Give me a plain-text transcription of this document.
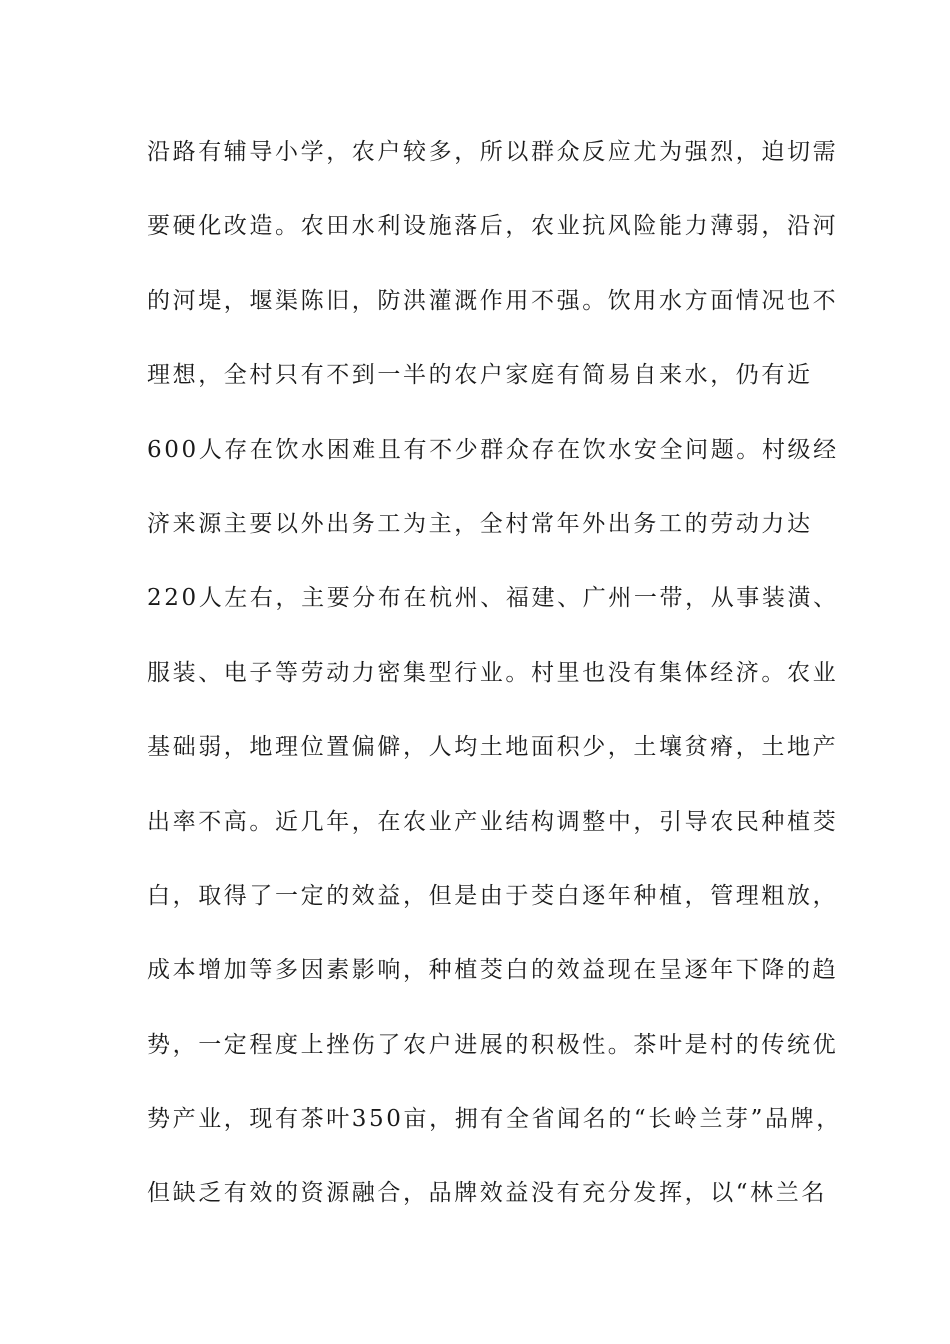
沿路有辅导小学，农户较多，所以群众反应尤为强烈，迫切需
要硬化改造。农田水利设施落后，农业抗风险能力薄弱，沿河
的河堤，堰渠陈旧，防洪灌溉作用不强。饮用水方面情况也不
理想，全村只有不到一半的农户家庭有简易自来水，仍有近
600人存在饮水困难且有不少群众存在饮水安全问题。村级经
济来源主要以外出务工为主，全村常年外出务工的劳动力达
220人左右，主要分布在杭州、福建、广州一带，从事装潢、
服装、电子等劳动力密集型行业。村里也没有集体经济。农业
基础弱，地理位置偏僻，人均土地面积少，土壤贫瘠，土地产
出率不高。近几年，在农业产业结构调整中，引导农民种植茭
白，取得了一定的效益，但是由于茭白逐年种植，管理粗放，
成本增加等多因素影响，种植茭白的效益现在呈逐年下降的趋
势，一定程度上挫伤了农户进展的积极性。茶叶是村的传统优
势产业，现有茶叶350亩，拥有全省闻名的“长岭兰芽”品牌，
但缺乏有效的资源融合，品牌效益没有充分发挥，以“林兰名
